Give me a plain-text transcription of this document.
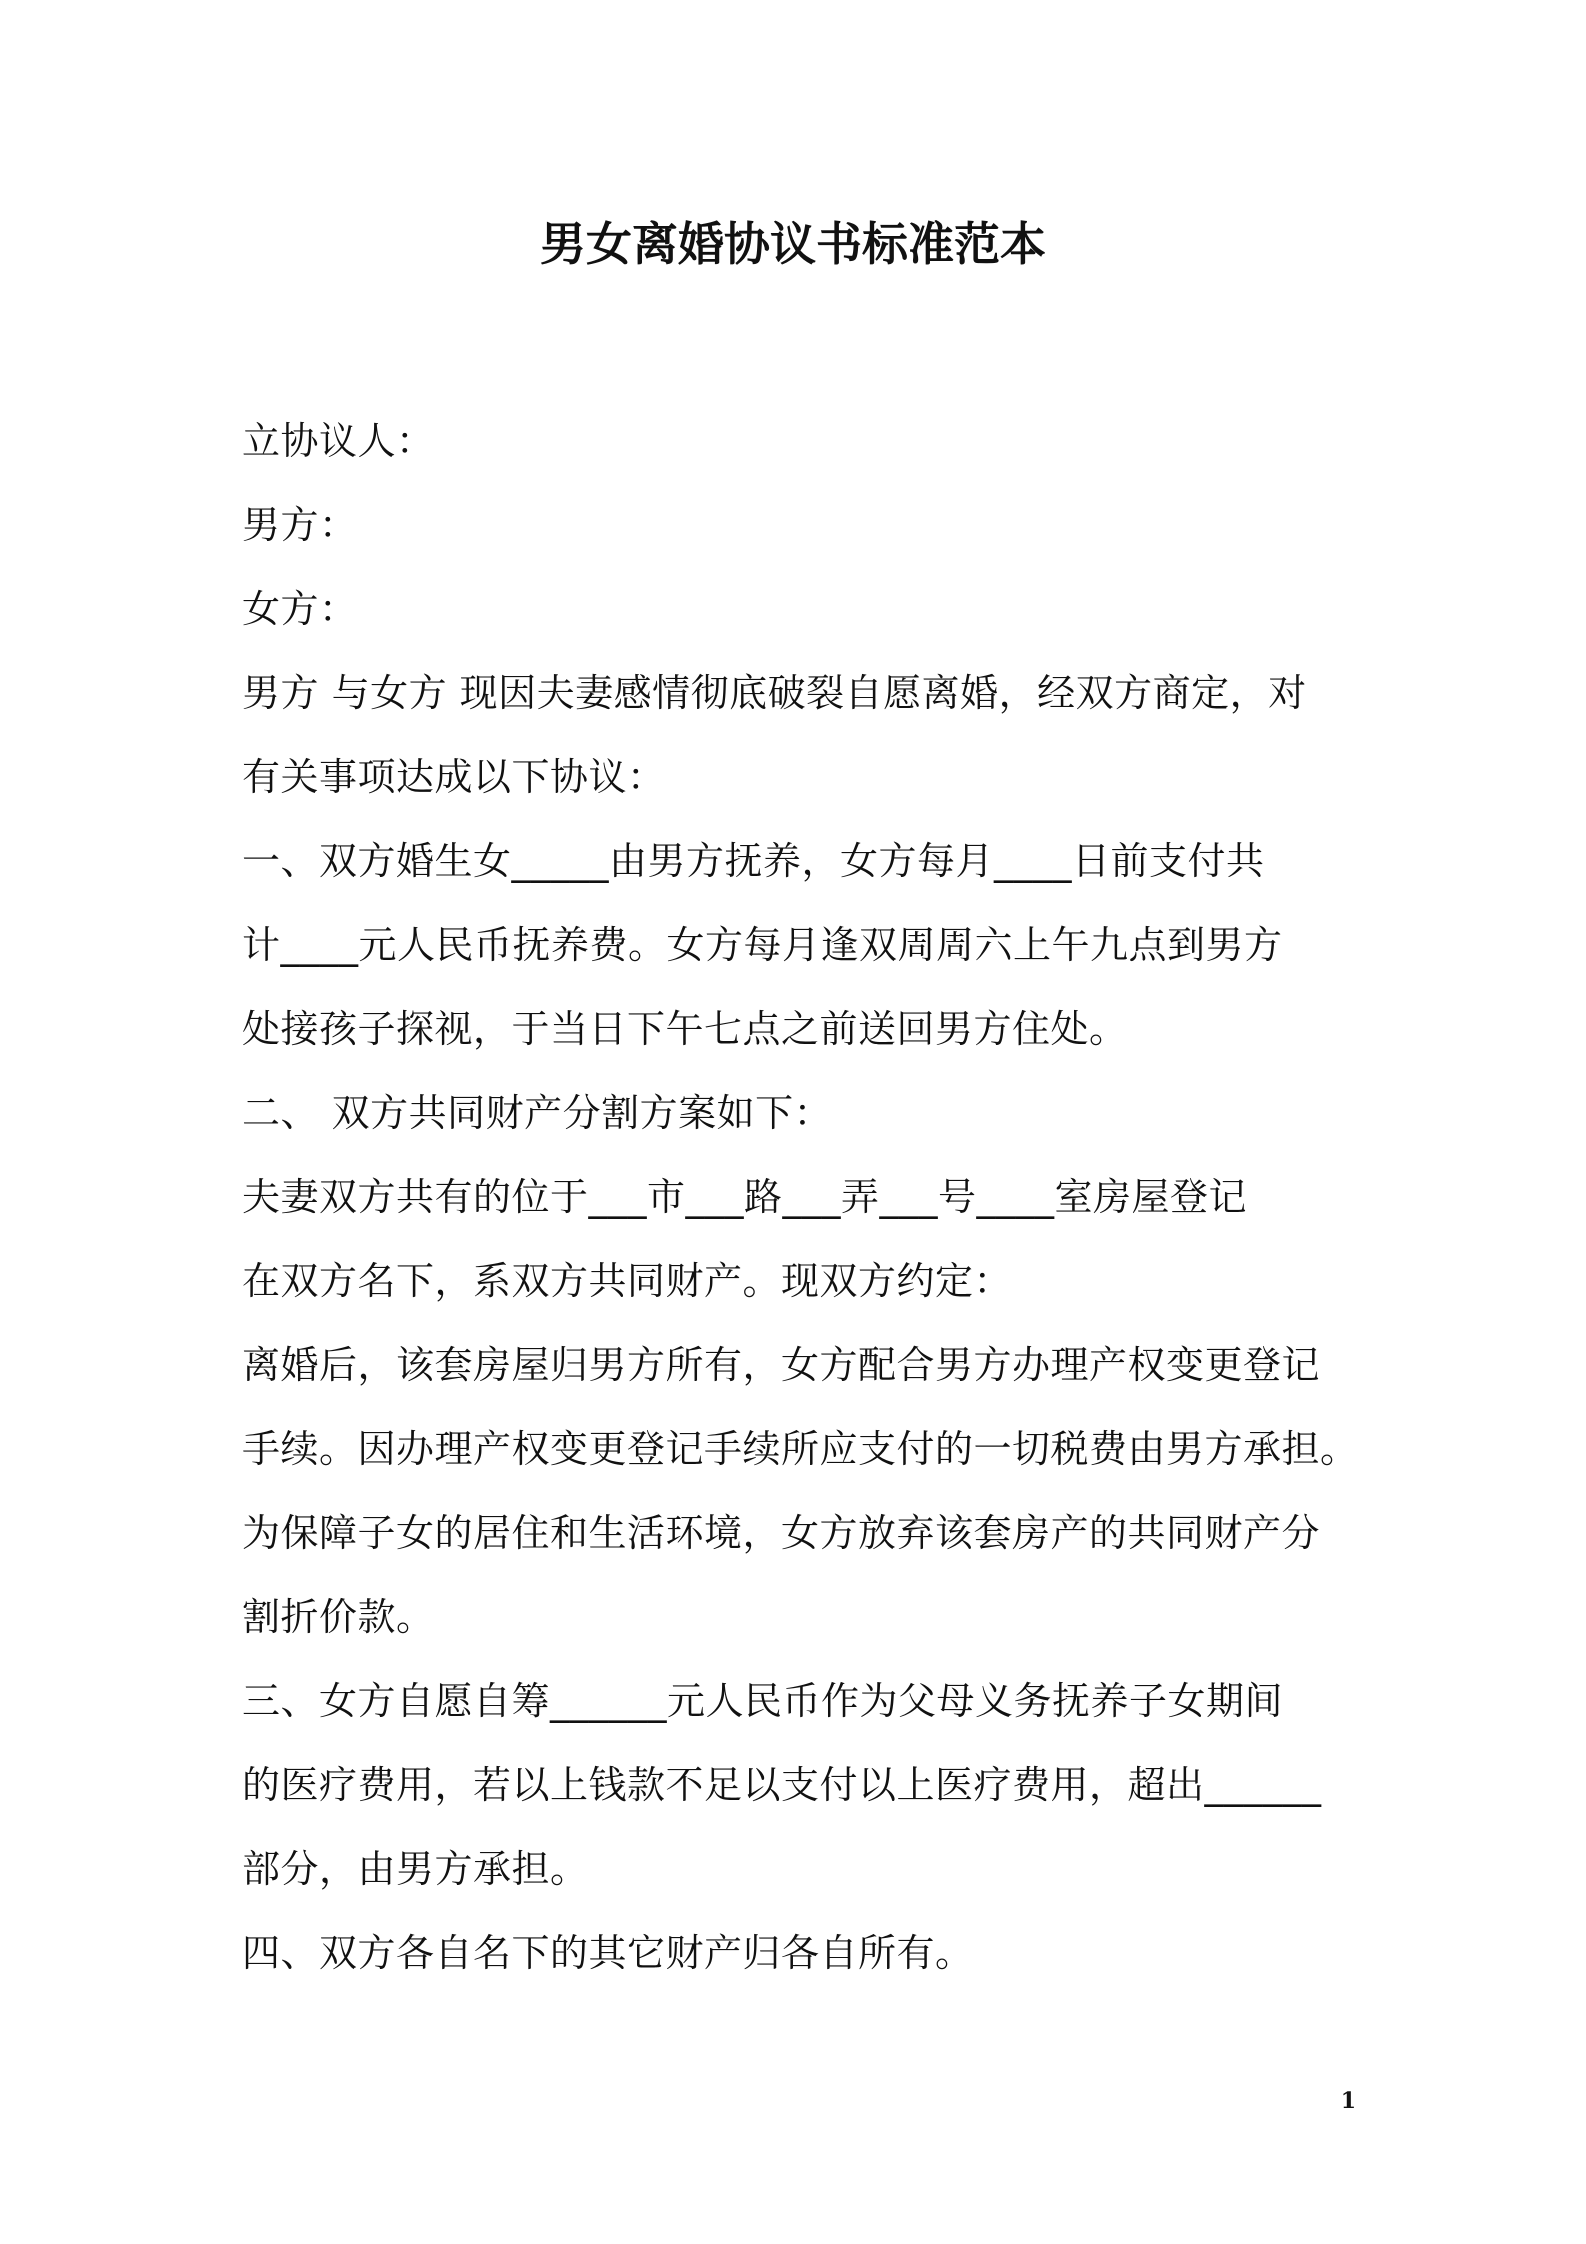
男女离婚协议书标准范本
立协议人：
男方：
女方：
男方 与女方 现因夫妻感情彻底破裂自愿离婚，经双方商定，对
有关事项达成以下协议：
一、双方婚生女_____由男方抚养，女方每月____日前支付共
计____元人民币抚养费。女方每月逢双周周六上午九点到男方
处接孩子探视，于当日下午七点之前送回男方住处。
二、 双方共同财产分割方案如下：
夫妻双方共有的位于___市___路___弄___号____室房屋登记
在双方名下，系双方共同财产。现双方约定：
离婚后，该套房屋归男方所有，女方配合男方办理产权变更登记
手续。因办理产权变更登记手续所应支付的一切税费由男方承担。
为保障子女的居住和生活环境，女方放弃该套房产的共同财产分
割折价款。
三、女方自愿自筹______元人民币作为父母义务抚养子女期间
的医疗费用，若以上钱款不足以支付以上医疗费用，超出______
部分，由男方承担。
四、双方各自名下的其它财产归各自所有。
1
